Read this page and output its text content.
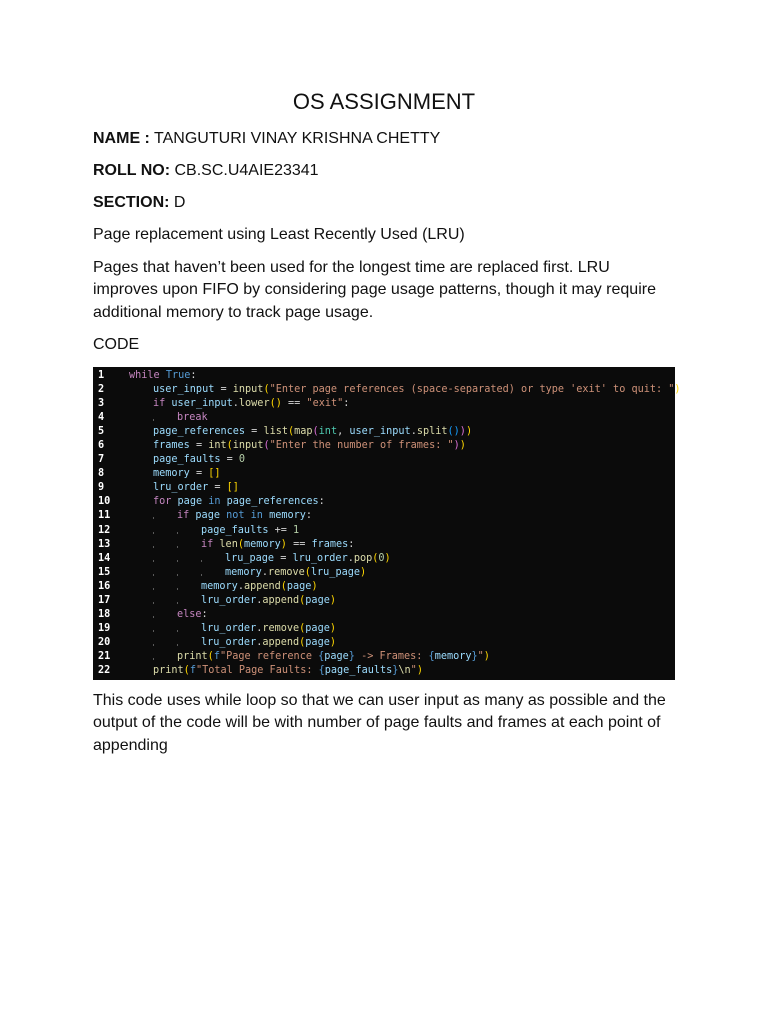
OS ASSIGNMENT

NAME : TANGUTURI VINAY KRISHNA CHETTY

ROLL NO: CB.SC.U4AIE23341

SECTION: D

Page replacement using Least Recently Used (LRU)

Pages that haven’t been used for the longest time are replaced first. LRU improves upon FIFO by considering page usage patterns, though it may require additional memory to track page usage.

CODE

1	while True:
2	user_input = input("Enter page references (space-separated) or type 'exit' to quit: ")
3	if user_input.lower() == "exit":
4	break
5	page_references = list(map(int, user_input.split()))
6	frames = int(input("Enter the number of frames: "))
7	page_faults = 0
8	memory = []
9	lru_order = []
10	for page in page_references:
11	if page not in memory:
12	page_faults += 1
13	if len(memory) == frames:
14	lru_page = lru_order.pop(0)
15	memory.remove(lru_page)
16	memory.append(page)
17	lru_order.append(page)
18	else:
19	lru_order.remove(page)
20	lru_order.append(page)
21	print(f"Page reference {page} -> Frames: {memory}")
22	print(f"Total Page Faults: {page_faults}\n")

This code uses while loop so that we can user input as many as possible and the output of the code will be with number of page faults and frames at each point of appending
